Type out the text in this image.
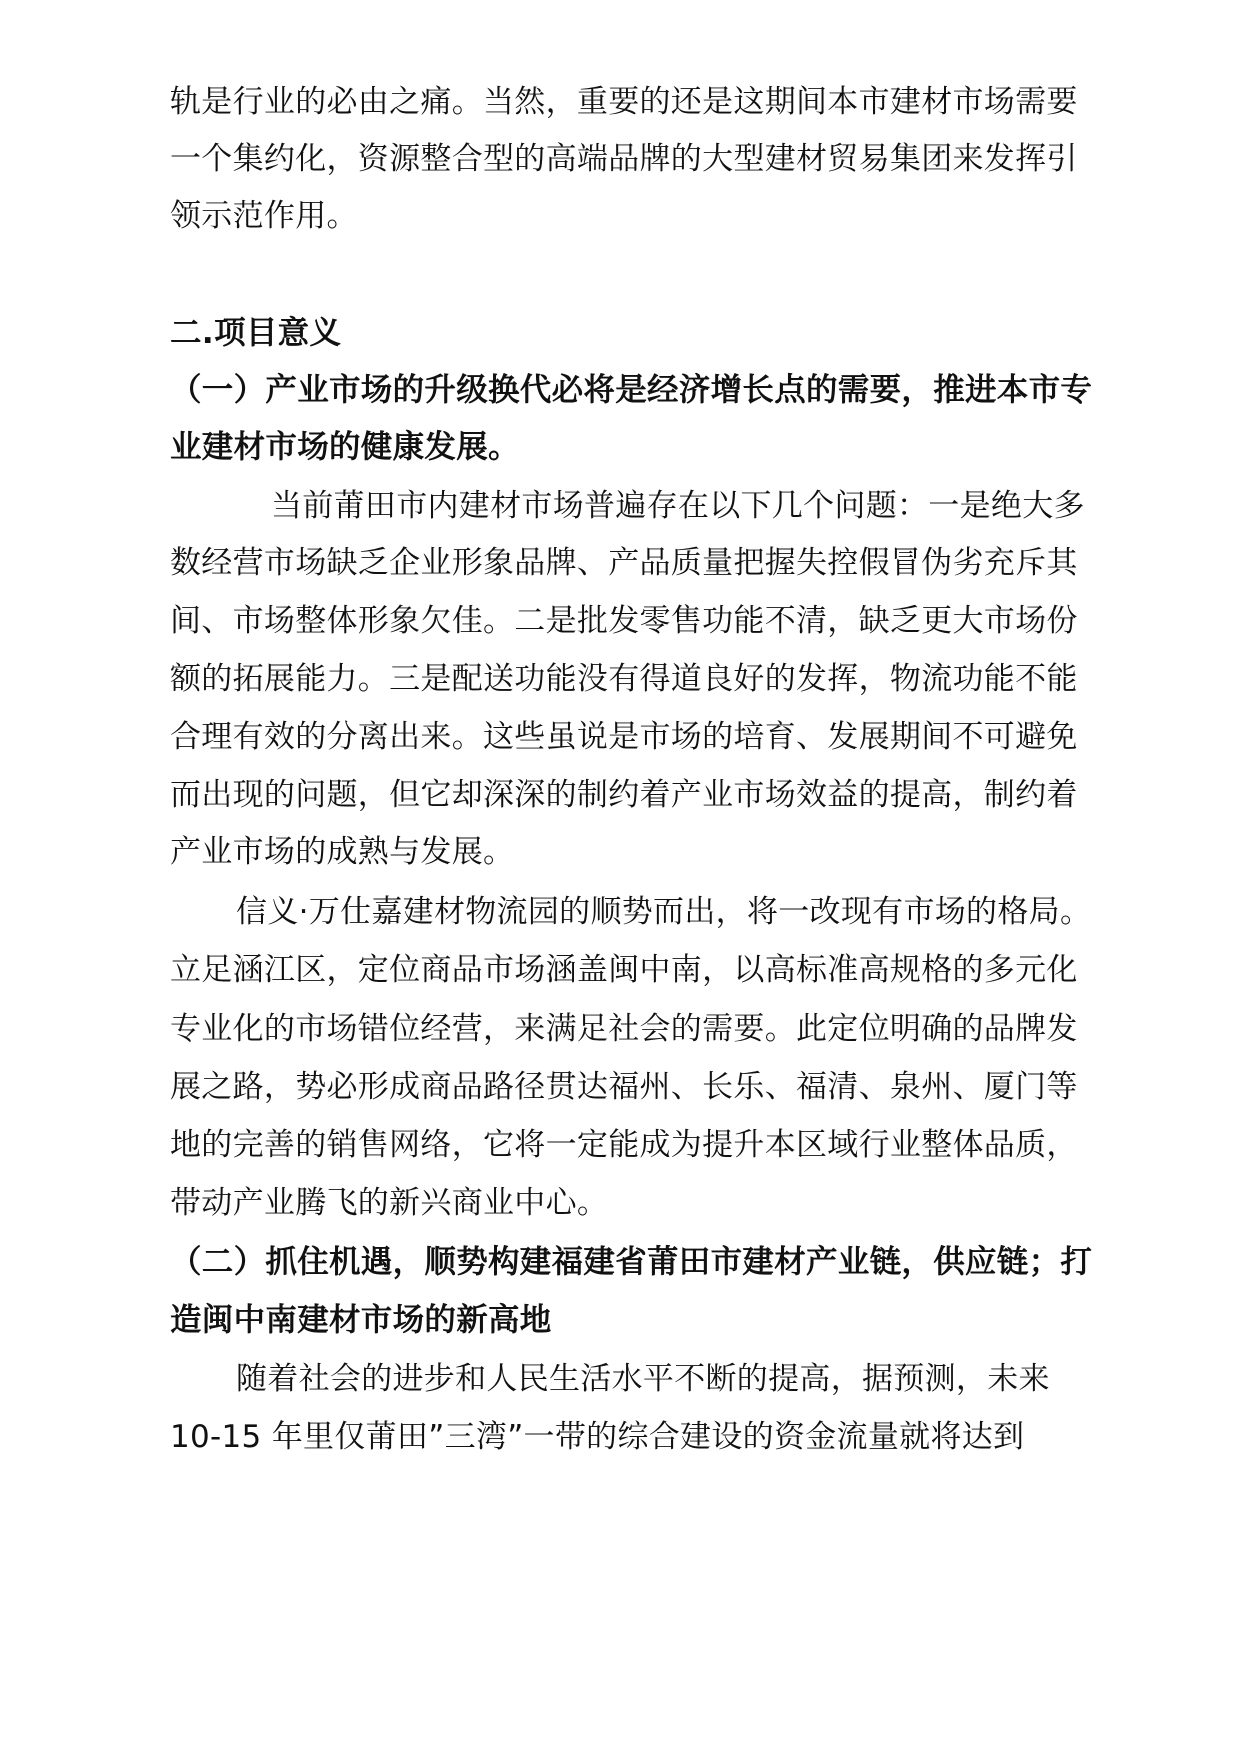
轨是行业的必由之痛。当然，重要的还是这期间本市建材市场需要
一个集约化，资源整合型的高端品牌的大型建材贸易集团来发挥引
领示范作用。
二.项目意义
（一）产业市场的升级换代必将是经济增长点的需要，推进本市专
业建材市场的健康发展。
当前莆田市内建材市场普遍存在以下几个问题：一是绝大多
数经营市场缺乏企业形象品牌、产品质量把握失控假冒伪劣充斥其
间、市场整体形象欠佳。二是批发零售功能不清，缺乏更大市场份
额的拓展能力。三是配送功能没有得道良好的发挥，物流功能不能
合理有效的分离出来。这些虽说是市场的培育、发展期间不可避免
而出现的问题，但它却深深的制约着产业市场效益的提高，制约着
产业市场的成熟与发展。
信义·万仕嘉建材物流园的顺势而出，将一改现有市场的格局。
立足涵江区，定位商品市场涵盖闽中南，以高标准高规格的多元化
专业化的市场错位经营，来满足社会的需要。此定位明确的品牌发
展之路，势必形成商品路径贯达福州、长乐、福清、泉州、厦门等
地的完善的销售网络，它将一定能成为提升本区域行业整体品质，
带动产业腾飞的新兴商业中心。
（二）抓住机遇，顺势构建福建省莆田市建材产业链，供应链；打
造闽中南建材市场的新高地
随着社会的进步和人民生活水平不断的提高，据预测，未来
10-15 年里仅莆田”三湾”一带的综合建设的资金流量就将达到
